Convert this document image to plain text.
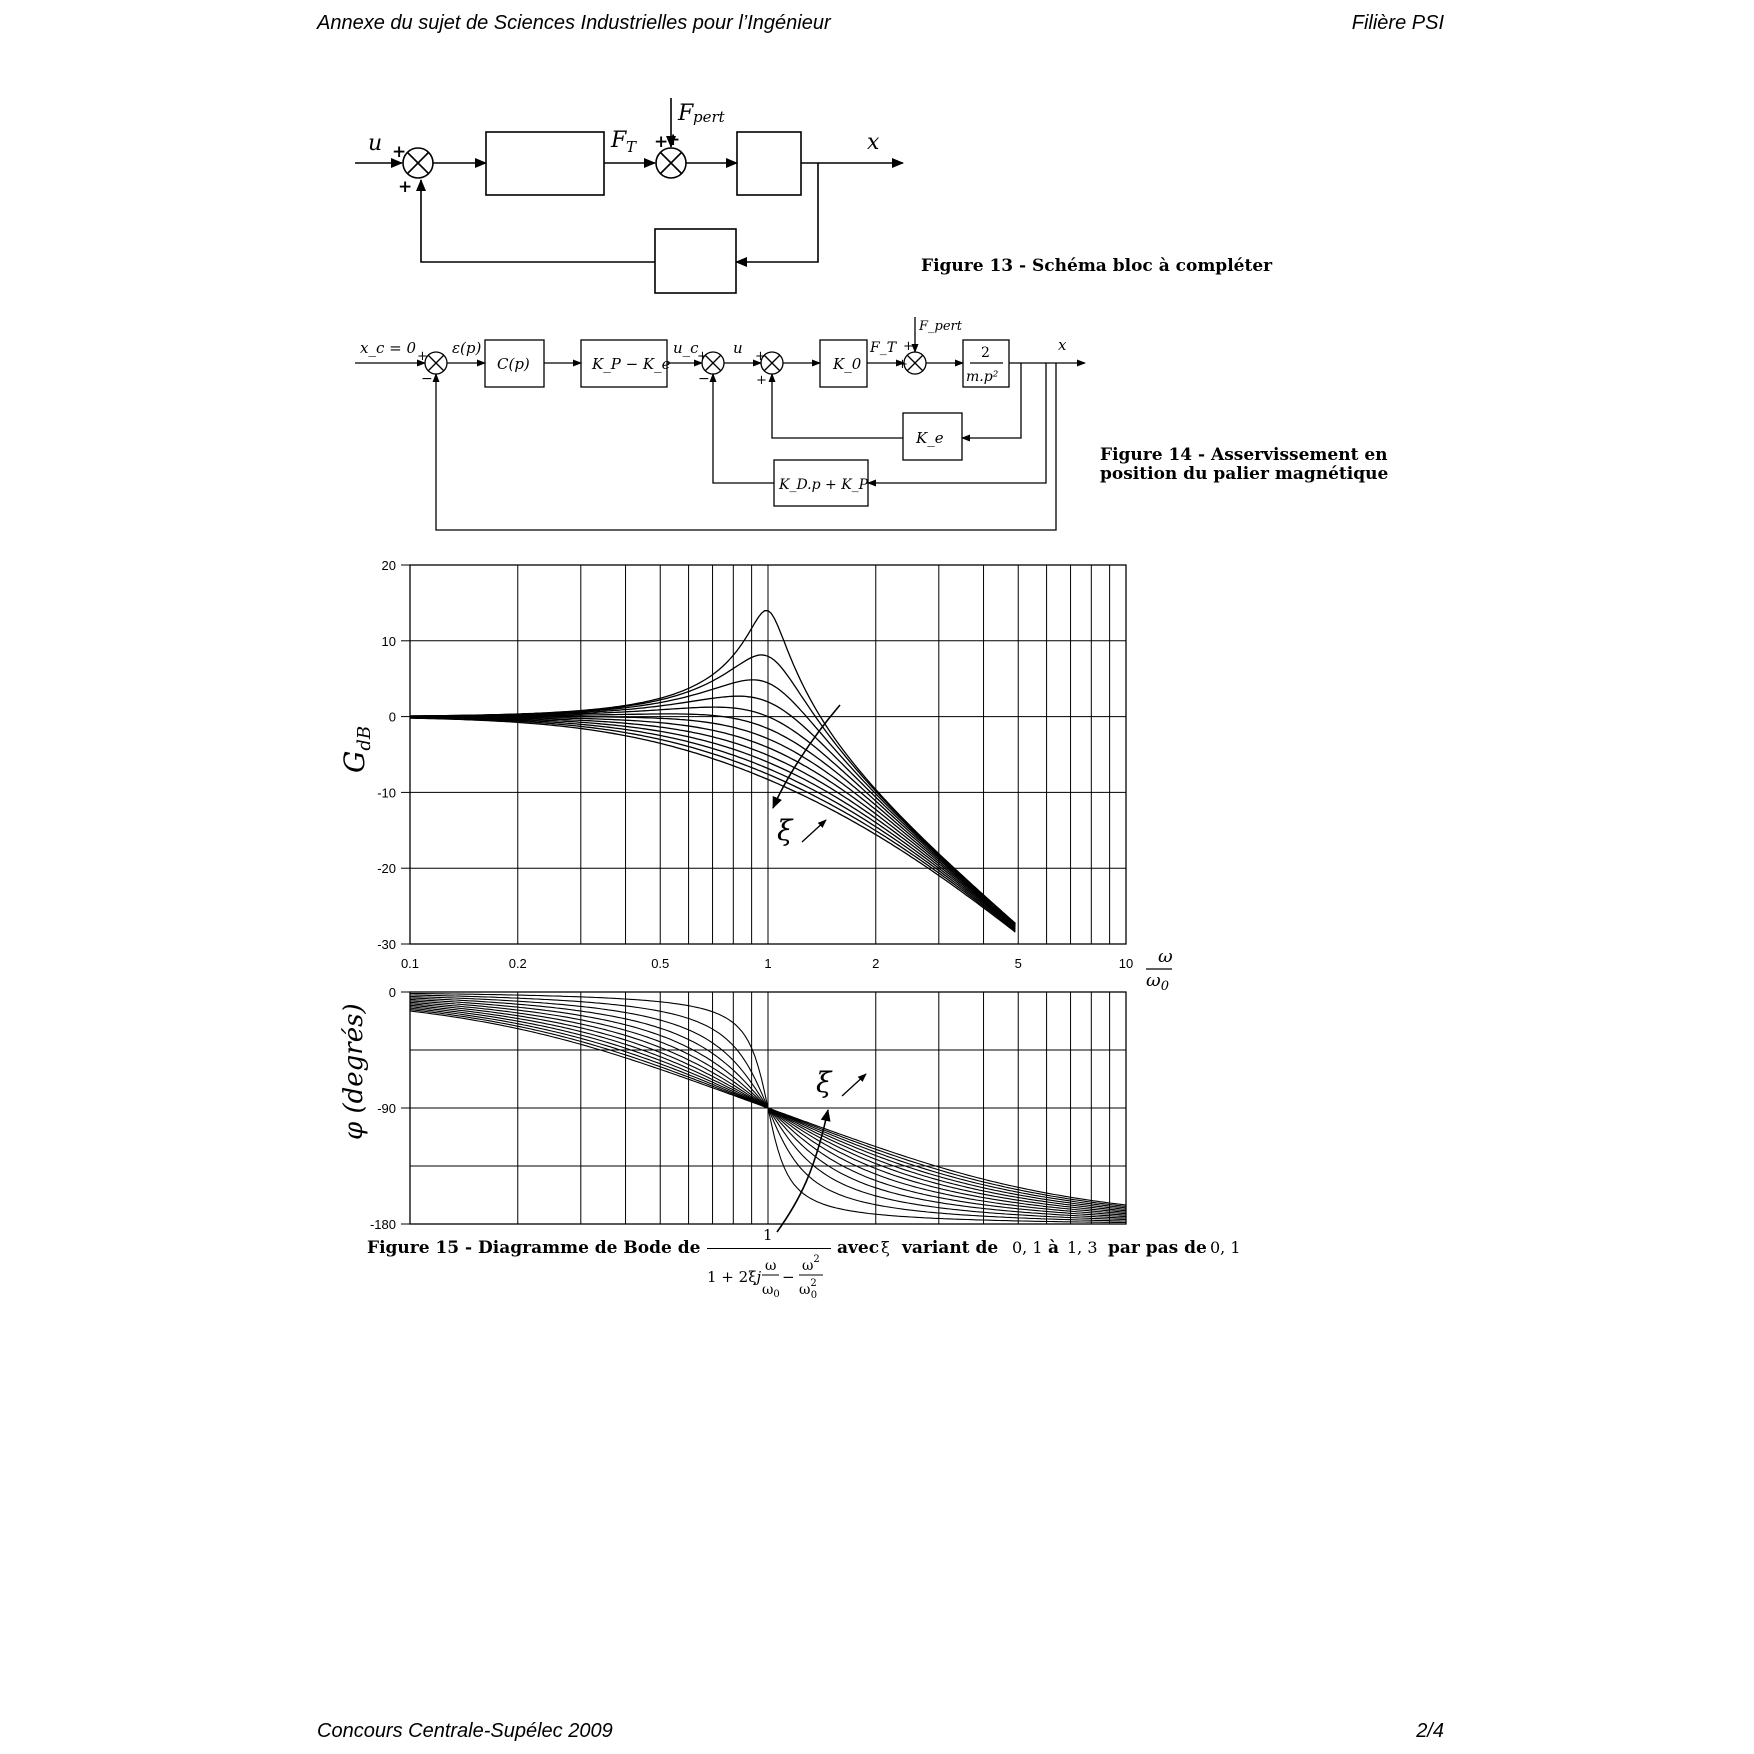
Annexe du sujet de Sciences Industrielles pour l’Ingénieur	Filière PSI
u +
+
F T +
F pert
+	x
Figure 13 - Schéma bloc à compléter
x_c = 0 ε(p)
C(p)	K_P − K_e
u_c u
K_0
F_T
F_pert
2
m.p²
x
K_e
K_D.p + K_P
+
−
+
−
+
+
+
+
Figure 14 - Asservissement en
position du palier magnétique
0.1	0.2	0.5	1	2	5	10
20
10
0
-10
-20
-30
0
-90
-180
$G_{dB}$
φ (degrés)
ω
$\omega_0$
ξ
ξ
Figure 15 - Diagramme de Bode de
1
1 + 2ξj
ω
$\omega_0$
−
$\omega^2$
$\omega^2$ 0
avec ξ variant de 0, 1 à 1, 3 par pas de 0, 1
Concours Centrale-Supélec 2009	2/4
